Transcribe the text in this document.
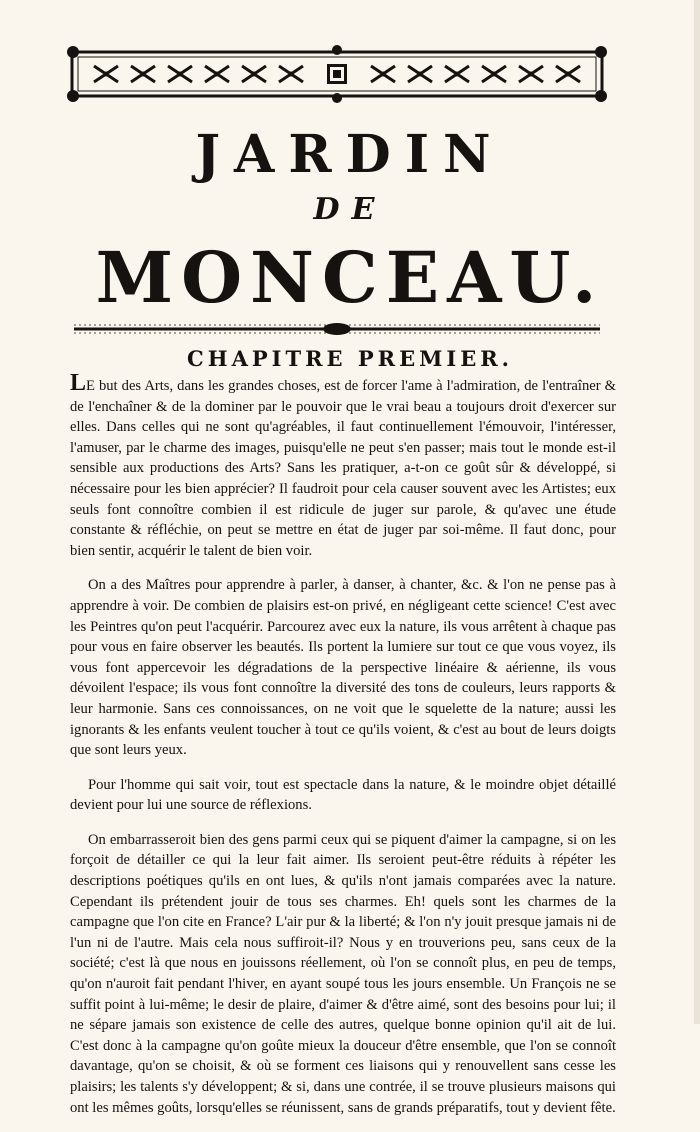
JARDIN
DE
MONCEAU.
CHAPITRE PREMIER.

LE but des Arts, dans les grandes choses, est de forcer l'ame à l'admiration, de l'entraîner & de l'enchaîner & de la dominer par le pouvoir que le vrai beau a toujours droit d'exercer sur elles. Dans celles qui ne sont qu'agréables, il faut continuellement l'émouvoir, l'intéresser, l'amuser, par le charme des images, puisqu'elle ne peut s'en passer; mais tout le monde est-il sensible aux productions des Arts? Sans les pratiquer, a-t-on ce goût sûr & développé, si nécessaire pour les bien apprécier? Il faudroit pour cela causer souvent avec les Artistes; eux seuls font connoître combien il est ridicule de juger sur parole, & qu'avec une étude constante & réfléchie, on peut se mettre en état de juger par soi-même. Il faut donc, pour bien sentir, acquérir le talent de bien voir.

On a des Maîtres pour apprendre à parler, à danser, à chanter, &c. & l'on ne pense pas à apprendre à voir. De combien de plaisirs est-on privé, en négligeant cette science! C'est avec les Peintres qu'on peut l'acquérir. Parcourez avec eux la nature, ils vous arrêtent à chaque pas pour vous en faire observer les beautés. Ils portent la lumiere sur tout ce que vous voyez, ils vous font appercevoir les dégradations de la perspective linéaire & aérienne, ils vous dévoilent l'espace; ils vous font connoître la diversité des tons de couleurs, leurs rapports & leur harmonie. Sans ces connoissances, on ne voit que le squelette de la nature; aussi les ignorants & les enfants veulent toucher à tout ce qu'ils voient, & c'est au bout de leurs doigts que sont leurs yeux.

Pour l'homme qui sait voir, tout est spectacle dans la nature, & le moindre objet détaillé devient pour lui une source de réflexions.

On embarrasseroit bien des gens parmi ceux qui se piquent d'aimer la campagne, si on les forçoit de détailler ce qui la leur fait aimer. Ils seroient peut-être réduits à répéter les descriptions poétiques qu'ils en ont lues, & qu'ils n'ont jamais comparées avec la nature. Cependant ils prétendent jouir de tous ses charmes. Eh! quels sont les charmes de la campagne que l'on cite en France? L'air pur & la liberté; & l'on n'y jouit presque jamais ni de l'un ni de l'autre. Mais cela nous suffiroit-il? Nous y en trouverions peu, sans ceux de la société; c'est là que nous en jouissons réellement, où l'on se connoît plus, en peu de temps, qu'on n'auroit fait pendant l'hiver, en ayant soupé tous les jours ensemble. Un François ne se suffit point à lui-même; le desir de plaire, d'aimer & d'être aimé, sont des besoins pour lui; il ne sépare jamais son existence de celle des autres, quelque bonne opinion qu'il ait de lui. C'est donc à la campagne qu'on goûte mieux la douceur d'être ensemble, que l'on se connoît davantage, qu'on se choisit, & où se forment ces liaisons qui y renouvellent sans cesse les plaisirs; les talents s'y développent; & si, dans une contrée, il se trouve plusieurs maisons qui ont les mêmes goûts, lorsqu'elles se réunissent, sans de grands préparatifs, tout y devient fête.
